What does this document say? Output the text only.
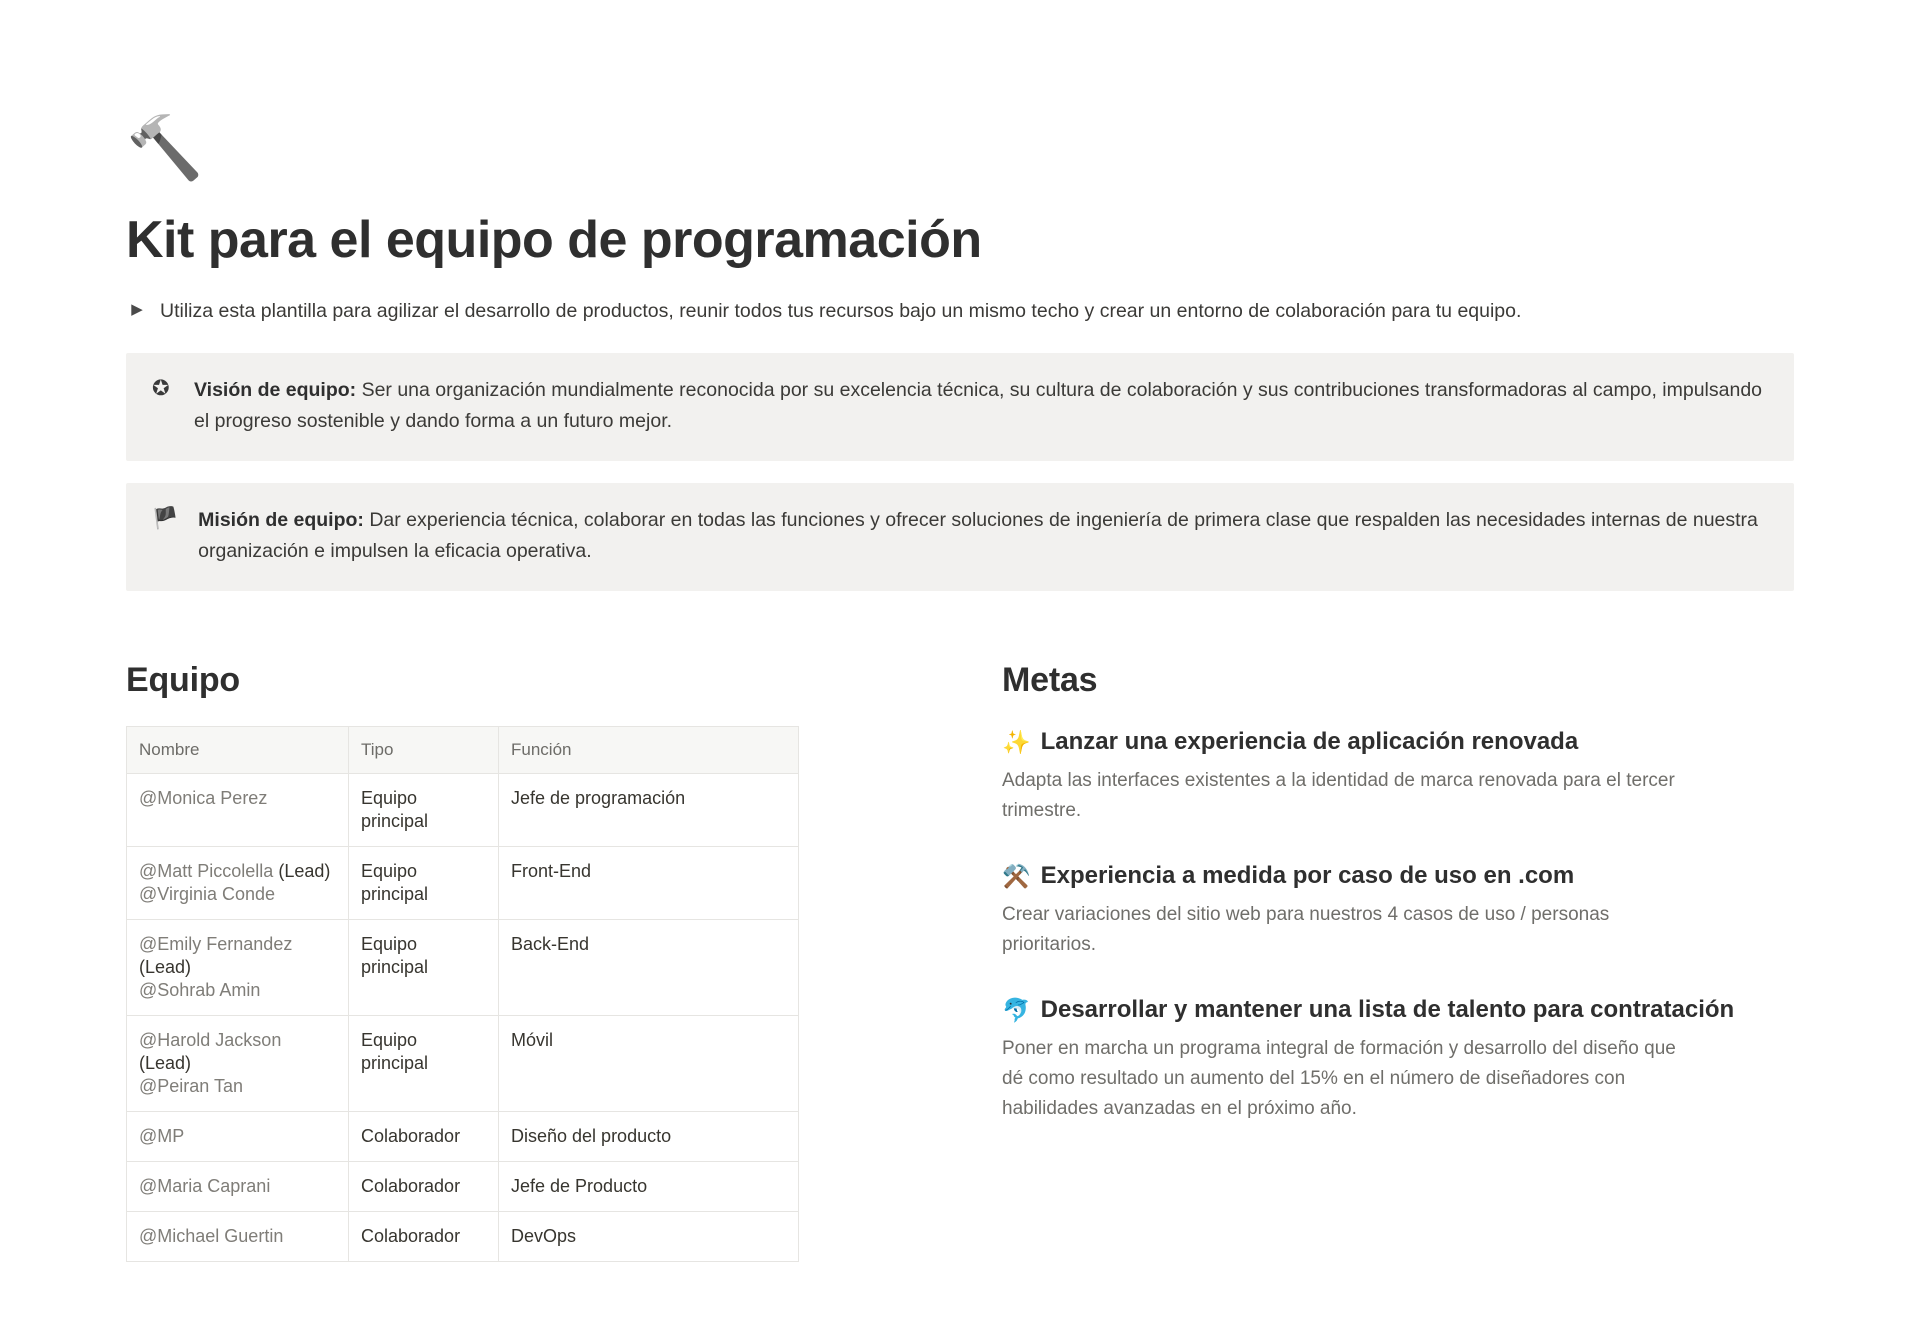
🔨
Kit para el equipo de programación
▶ Utiliza esta plantilla para agilizar el desarrollo de productos, reunir todos tus recursos bajo un mismo techo y crear un entorno de colaboración para tu equipo.
✪ Visión de equipo: Ser una organización mundialmente reconocida por su excelencia técnica, su cultura de colaboración y sus contribuciones transformadoras al campo, impulsando el progreso sostenible y dando forma a un futuro mejor.
🏴 Misión de equipo: Dar experiencia técnica, colaborar en todas las funciones y ofrecer soluciones de ingeniería de primera clase que respalden las necesidades internas de nuestra organización e impulsen la eficacia operativa.
Equipo
Nombre	Tipo	Función
@Monica Perez	Equipo principal	Jefe de programación
@Matt Piccolella (Lead)
@Virginia Conde	Equipo principal	Front-End
@Emily Fernandez (Lead)
@Sohrab Amin	Equipo principal	Back-End
@Harold Jackson (Lead)
@Peiran Tan	Equipo principal	Móvil
@MP	Colaborador	Diseño del producto
@Maria Caprani	Colaborador	Jefe de Producto
@Michael Guertin	Colaborador	DevOps
Metas
✨ Lanzar una experiencia de aplicación renovada
Adapta las interfaces existentes a la identidad de marca renovada para el tercer trimestre.
⚒️ Experiencia a medida por caso de uso en .com
Crear variaciones del sitio web para nuestros 4 casos de uso / personas prioritarios.
🐬 Desarrollar y mantener una lista de talento para contratación
Poner en marcha un programa integral de formación y desarrollo del diseño que dé como resultado un aumento del 15% en el número de diseñadores con habilidades avanzadas en el próximo año.
